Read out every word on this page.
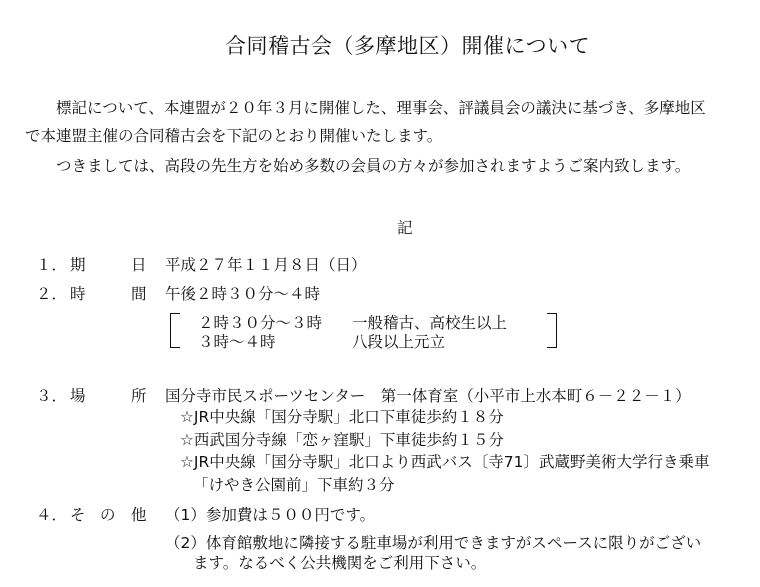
合同稽古会（多摩地区）開催について
標記について、本連盟が２０年３月に開催した、理事会、評議員会の議決に基づき、多摩地区
で本連盟主催の合同稽古会を下記のとおり開催いたします。
つきましては、高段の先生方を始め多数の会員の方々が参加されますようご案内致します。
記
１． 期	日 平成２７年１１月８日（日）
２． 時	間 午後２時３０分～４時
２時３０分～３時 一般稽古、高校生以上
３時～４時	八段以上元立
３． 場	所 国分寺市民スポーツセンター　第一体育室（小平市上水本町６－２２－１）
☆JR中央線「国分寺駅」北口下車徒歩約１８分
☆西武国分寺線「恋ヶ窪駅」下車徒歩約１５分
☆JR中央線「国分寺駅」北口より西武バス〔寺71〕武蔵野美術大学行き乗車
「けやき公園前」下車約３分
４． そ の 他 （1）参加費は５００円です。
（2）体育館敷地に隣接する駐車場が利用できますがスペースに限りがござい
ます。なるべく公共機関をご利用下さい。
